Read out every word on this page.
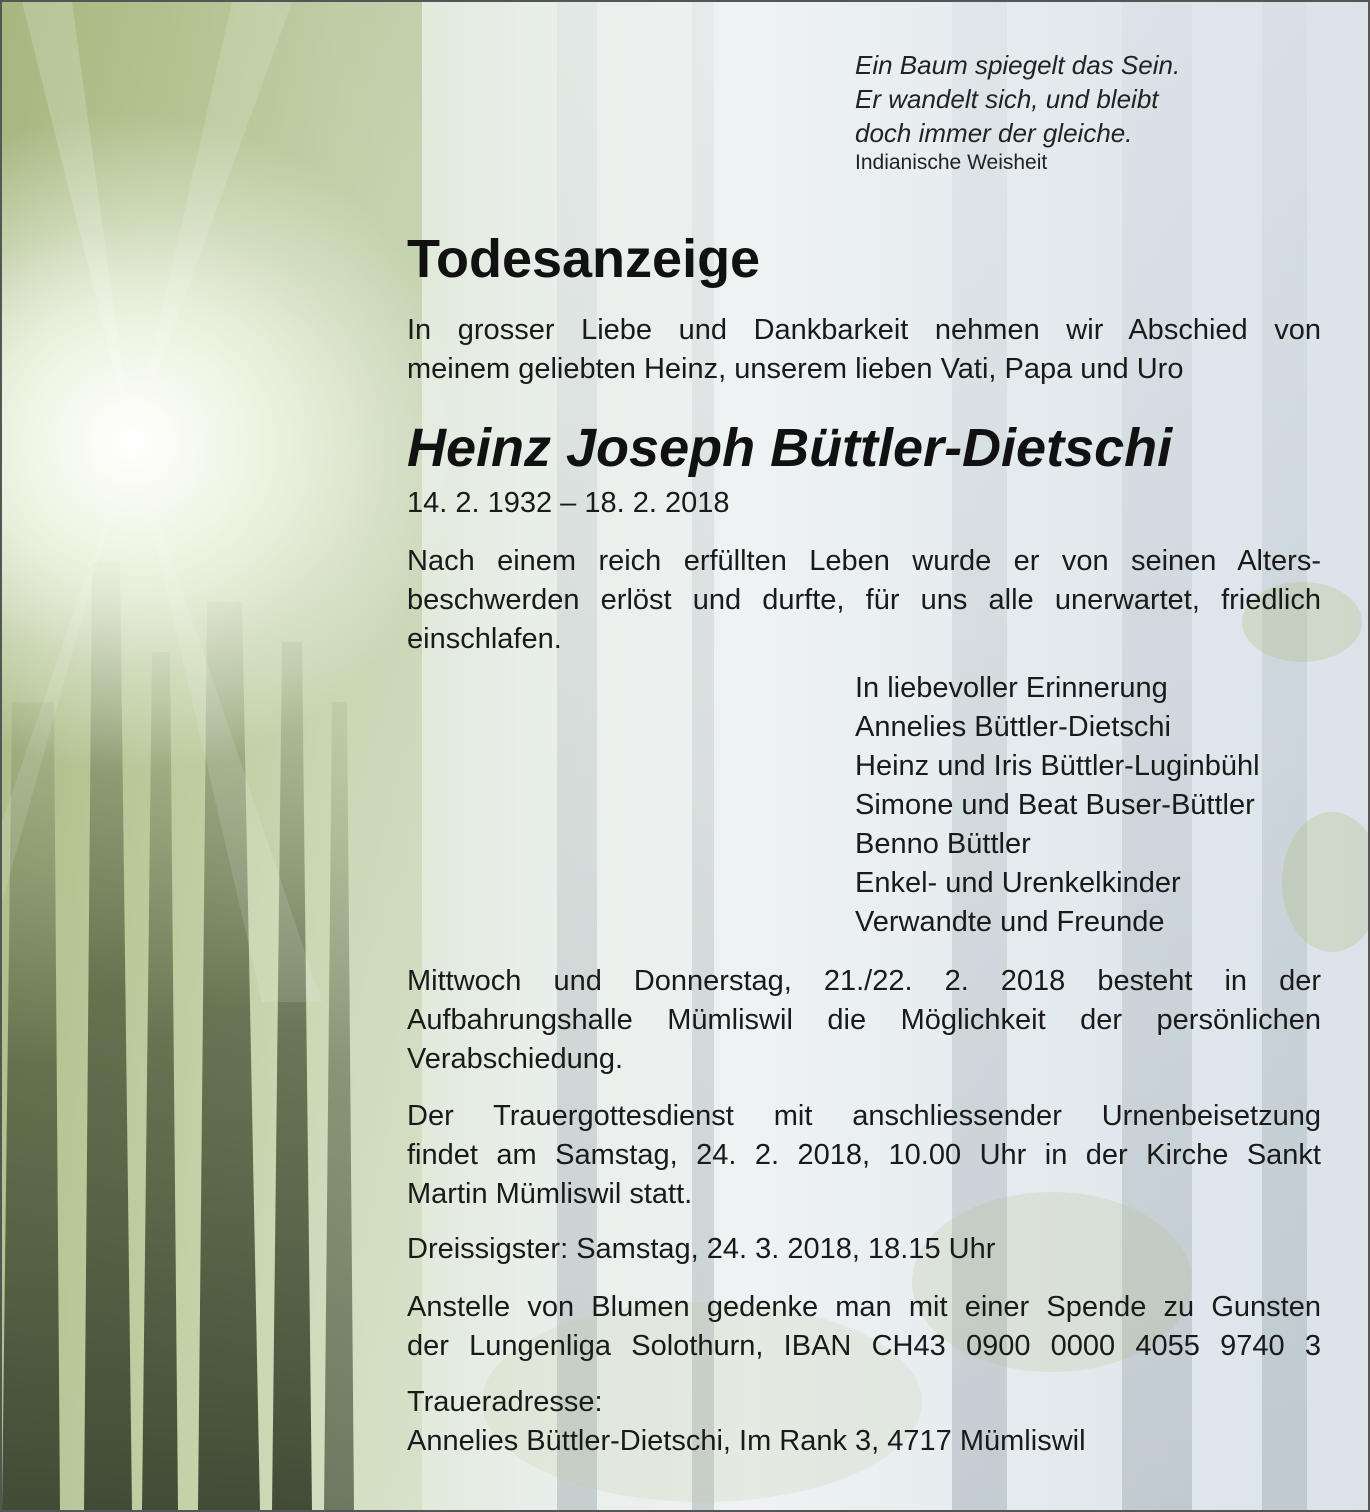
Ein Baum spiegelt das Sein.
Er wandelt sich, und bleibt
doch immer der gleiche.
Indianische Weisheit
Todesanzeige
In grosser Liebe und Dankbarkeit nehmen wir Abschied von
meinem geliebten Heinz, unserem lieben Vati, Papa und Uro
Heinz Joseph Büttler-Dietschi
14. 2. 1932 – 18. 2. 2018
Nach einem reich erfüllten Leben wurde er von seinen Alters-
beschwerden erlöst und durfte, für uns alle unerwartet, friedlich
einschlafen.
In liebevoller Erinnerung
Annelies Büttler-Dietschi
Heinz und Iris Büttler-Luginbühl
Simone und Beat Buser-Büttler
Benno Büttler
Enkel- und Urenkelkinder
Verwandte und Freunde
Mittwoch und Donnerstag, 21./22. 2. 2018 besteht in der
Aufbahrungshalle Mümliswil die Möglichkeit der persönlichen
Verabschiedung.
Der Trauergottesdienst mit anschliessender Urnenbeisetzung
findet am Samstag, 24. 2. 2018, 10.00 Uhr in der Kirche Sankt
Martin Mümliswil statt.
Dreissigster: Samstag, 24. 3. 2018, 18.15 Uhr
Anstelle von Blumen gedenke man mit einer Spende zu Gunsten
der Lungenliga Solothurn, IBAN CH43 0900 0000 4055 9740 3
Traueradresse:
Annelies Büttler-Dietschi, Im Rank 3, 4717 Mümliswil
